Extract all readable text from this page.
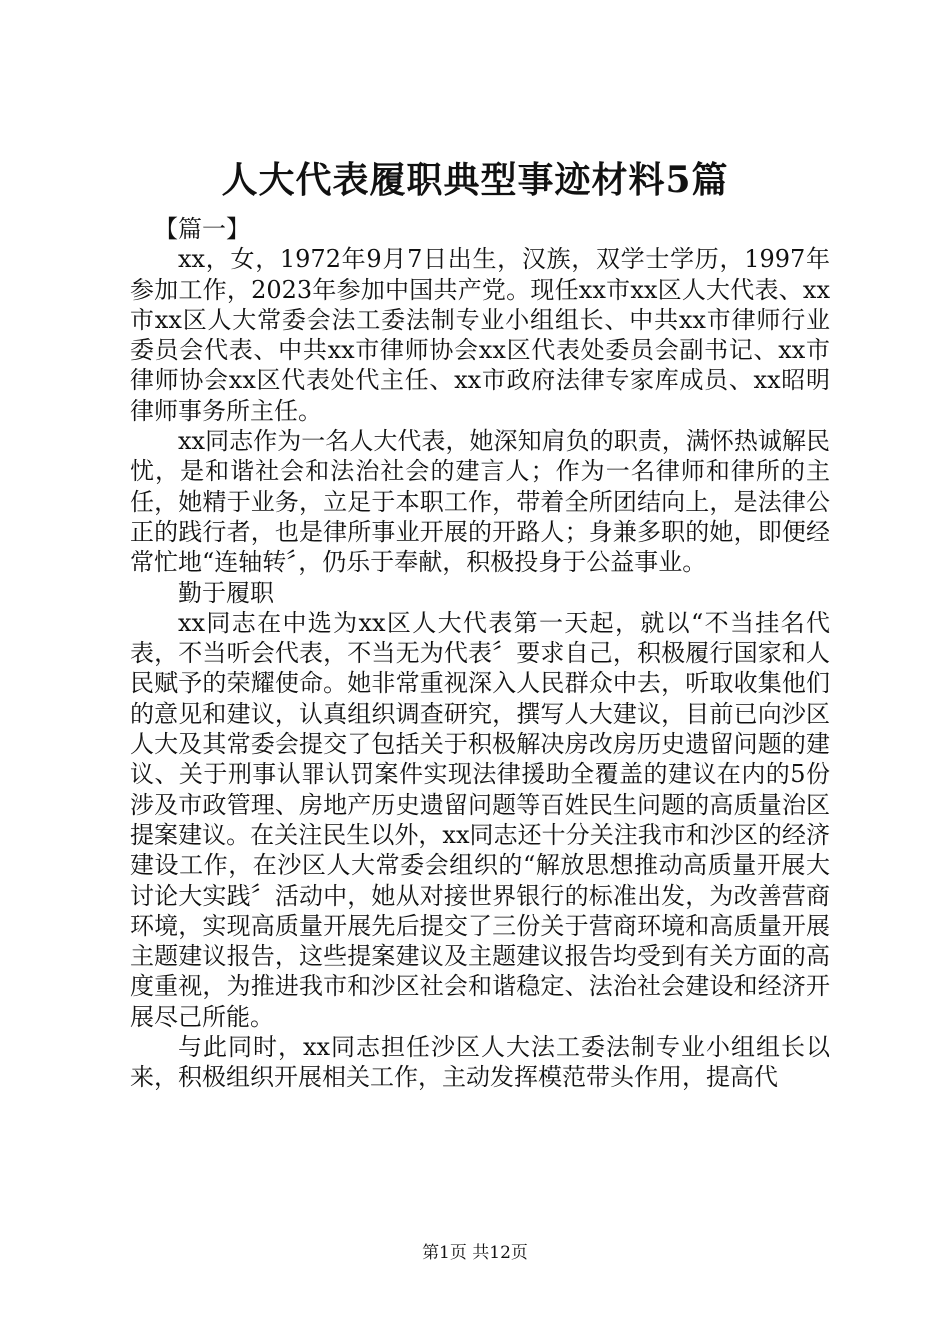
人大代表履职典型事迹材料5篇

【篇一】

xx，女，1972年9月7日出生，汉族，双学士学历，1997年参加工作，2023年参加中国共产党。现任xx市xx区人大代表、xx市xx区人大常委会法工委法制专业小组组长、中共xx市律师行业委员会代表、中共xx市律师协会xx区代表处委员会副书记、xx市律师协会xx区代表处代主任、xx市政府法律专家库成员、xx昭明律师事务所主任。

xx同志作为一名人大代表，她深知肩负的职责，满怀热诚解民忧，是和谐社会和法治社会的建言人；作为一名律师和律所的主任，她精于业务，立足于本职工作，带着全所团结向上，是法律公正的践行者，也是律所事业开展的开路人；身兼多职的她，即便经常忙地“连轴转〞，仍乐于奉献，积极投身于公益事业。

勤于履职

xx同志在中选为xx区人大代表第一天起，就以“不当挂名代表，不当听会代表，不当无为代表〞要求自己，积极履行国家和人民赋予的荣耀使命。她非常重视深入人民群众中去，听取收集他们的意见和建议，认真组织调查研究，撰写人大建议，目前已向沙区人大及其常委会提交了包括关于积极解决房改房历史遗留问题的建议、关于刑事认罪认罚案件实现法律援助全覆盖的建议在内的5份涉及市政管理、房地产历史遗留问题等百姓民生问题的高质量治区提案建议。在关注民生以外，xx同志还十分关注我市和沙区的经济建设工作，在沙区人大常委会组织的“解放思想推动高质量开展大讨论大实践〞活动中，她从对接世界银行的标准出发，为改善营商环境，实现高质量开展先后提交了三份关于营商环境和高质量开展主题建议报告，这些提案建议及主题建议报告均受到有关方面的高度重视，为推进我市和沙区社会和谐稳定、法治社会建设和经济开展尽己所能。

与此同时，xx同志担任沙区人大法工委法制专业小组组长以来，积极组织开展相关工作，主动发挥模范带头作用，提高代

第1页 共12页
